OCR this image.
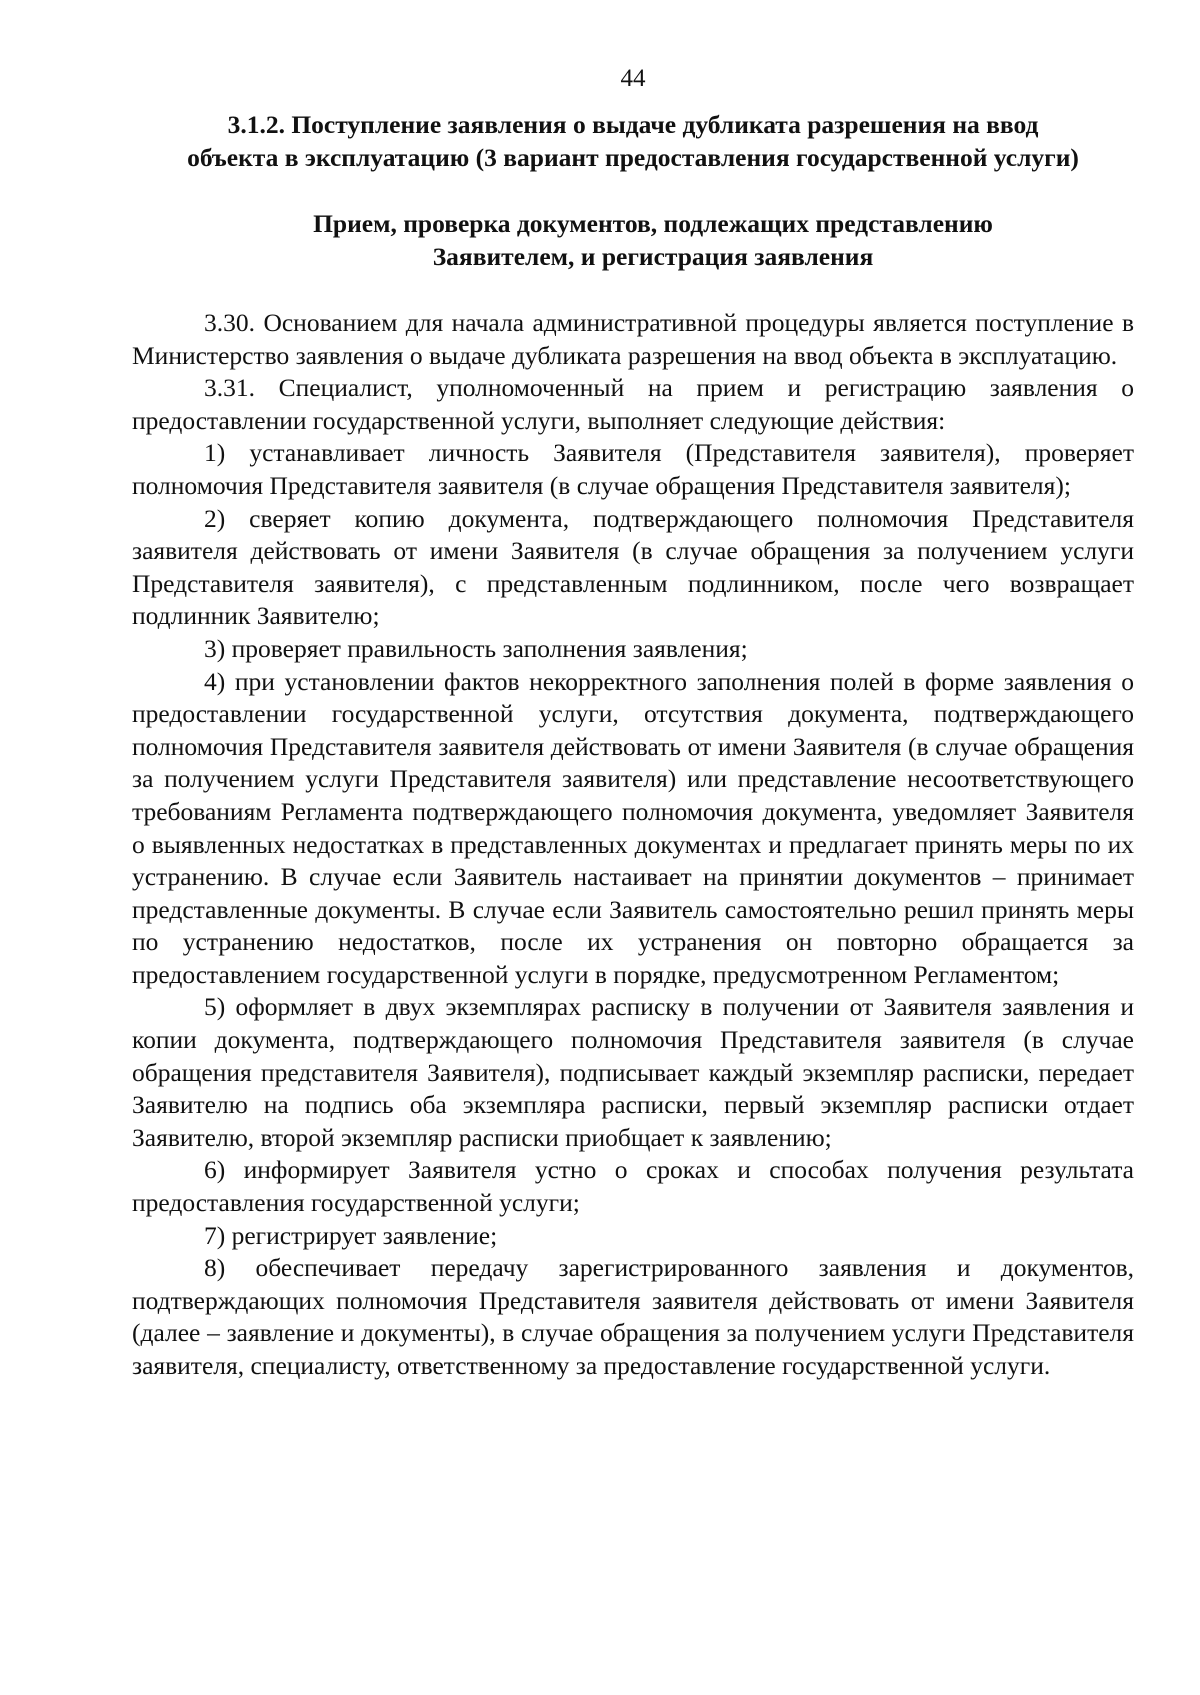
44
3.1.2. Поступление заявления о выдаче дубликата разрешения на ввод
объекта в эксплуатацию (3 вариант предоставления государственной услуги)
Прием, проверка документов, подлежащих представлению
Заявителем, и регистрация заявления

3.30. Основанием для начала административной процедуры является поступление в Министерство заявления о выдаче дубликата разрешения на ввод объекта в эксплуатацию.

3.31. Специалист, уполномоченный на прием и регистрацию заявления о предоставлении государственной услуги, выполняет следующие действия:

1) устанавливает личность Заявителя (Представителя заявителя), проверяет полномочия Представителя заявителя (в случае обращения Представителя заявителя);

2) сверяет копию документа, подтверждающего полномочия Представителя заявителя действовать от имени Заявителя (в случае обращения за получением услуги Представителя заявителя), с представленным подлинником, после чего возвращает подлинник Заявителю;

3) проверяет правильность заполнения заявления;

4) при установлении фактов некорректного заполнения полей в форме заявления о предоставлении государственной услуги, отсутствия документа, подтверждающего полномочия Представителя заявителя действовать от имени Заявителя (в случае обращения за получением услуги Представителя заявителя) или представление несоответствующего требованиям Регламента подтверждающего полномочия документа, уведомляет Заявителя о выявленных недостатках в представленных документах и предлагает принять меры по их устранению. В случае если Заявитель настаивает на принятии документов – принимает представленные документы. В случае если Заявитель самостоятельно решил принять меры по устранению недостатков, после их устранения он повторно обращается за предоставлением государственной услуги в порядке, предусмотренном Регламентом;

5) оформляет в двух экземплярах расписку в получении от Заявителя заявления и копии документа, подтверждающего полномочия Представителя заявителя (в случае обращения представителя Заявителя), подписывает каждый экземпляр расписки, передает Заявителю на подпись оба экземпляра расписки, первый экземпляр расписки отдает Заявителю, второй экземпляр расписки приобщает к заявлению;

6) информирует Заявителя устно о сроках и способах получения результата предоставления государственной услуги;

7) регистрирует заявление;

8) обеспечивает передачу зарегистрированного заявления и документов, подтверждающих полномочия Представителя заявителя действовать от имени Заявителя (далее – заявление и документы), в случае обращения за получением услуги Представителя заявителя, специалисту, ответственному за предоставление государственной услуги.
